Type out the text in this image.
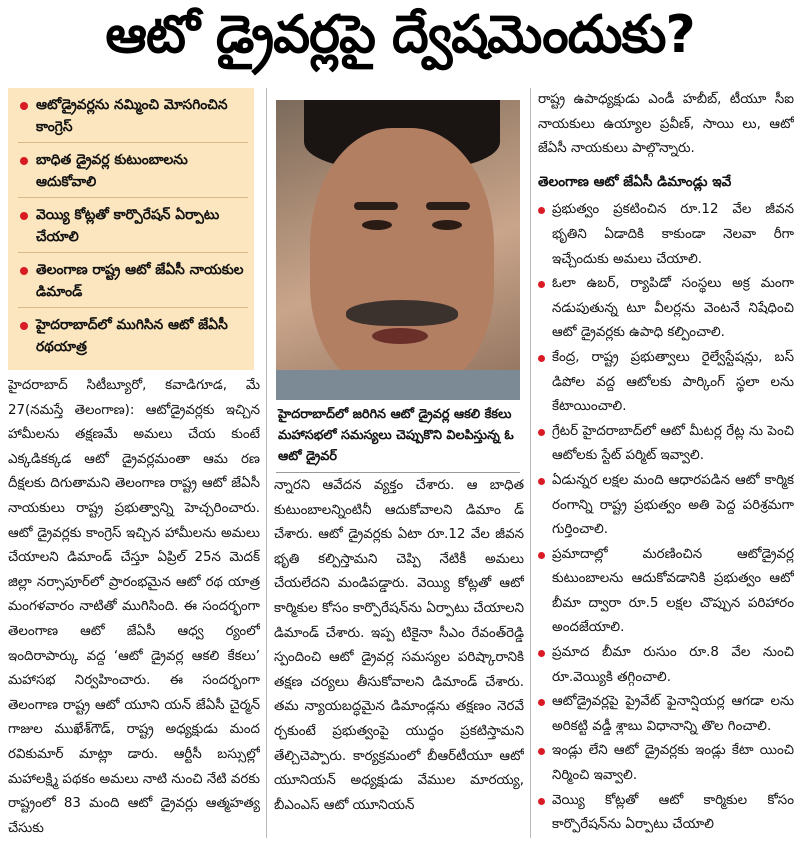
ఆటో డ్రైవర్లపై ద్వేషమెందుకు?
ఆటోడ్రైవర్లను నమ్మించి మోసగించిన కాంగ్రెస్
బాధిత డ్రైవర్ల కుటుంబాలను ఆదుకోవాలి
వెయ్యి కోట్లతో కార్పొరేషన్ ఏర్పాటు చేయాలి
తెలంగాణ రాష్ట్ర ఆటో జేఏసీ నాయకుల డిమాండ్
హైదరాబాద్‌లో ముగిసిన ఆటో జేఏసీ రథయాత్ర

హైదరాబాద్ సిటీబ్యూరో, కవాడిగూడ, మే 27(నమస్తే తెలంగాణ): ఆటోడ్రైవర్లకు ఇచ్చిన హామీలను తక్షణమే అమలు చేయ కుంటే ఎక్కడికక్కడ ఆటో డ్రైవర్లమంతా ఆమ రణ దీక్షలకు దిగుతామని తెలంగాణ రాష్ట్ర ఆటో జేఏసీ నాయకులు రాష్ట్ర ప్రభుత్వాన్ని హెచ్చరించారు. ఆటో డ్రైవర్లకు కాంగ్రెస్ ఇచ్చిన హామీలను అమలు చేయాలని డిమాండ్ చేస్తూ ఏప్రిల్ 25న మెదక్ జిల్లా నర్సాపూర్‌లో ప్రారంభమైన ఆటో రథ యాత్ర మంగళవారం నాటితో ముగిసింది. ఈ సందర్భంగా తెలంగాణ ఆటో జేఏసీ ఆధ్వ ర్యంలో ఇందిరాపార్కు వద్ద ‘ఆటో డ్రైవర్ల ఆకలి కేకలు’ మహాసభ నిర్వహించారు. ఈ సందర్భంగా తెలంగాణ రాష్ట్ర ఆటో యూని యన్ జేఏసీ చైర్మన్ గాజుల ముఖేశ్‌గౌడ్, రాష్ట్ర అధ్యక్షుడు మంద రవికుమార్ మాట్లా డారు. ఆర్టీసీ బస్సుల్లో మహాలక్ష్మి పథకం అమలు నాటి నుంచి నేటి వరకు రాష్ట్రంలో 83 మంది ఆటో డ్రైవర్లు ఆత్మహత్య చేసుకు

హైదరాబాద్‌లో జరిగిన ఆటో డ్రైవర్ల ఆకలి కేకలు మహాసభలో సమస్యలు చెప్పుకొని విలపిస్తున్న ఓ ఆటో డ్రైవర్

న్నారని ఆవేదన వ్యక్తం చేశారు. ఆ బాధిత కుటుంబాలన్నింటినీ ఆదుకోవాలని డిమాం డ్ చేశారు. ఆటో డ్రైవర్లకు ఏటా రూ.12 వేల జీవన భృతి కల్పిస్తామని చెప్పి నేటికీ అమలు చేయలేదని మండిపడ్డారు. వెయ్యి కోట్లతో ఆటో కార్మికుల కోసం కార్పొరేషన్‌ను ఏర్పాటు చేయాలని డిమాండ్ చేశారు. ఇప్ప టికైనా సీఎం రేవంత్‌రెడ్డి స్పందించి ఆటో డ్రైవర్ల సమస్యల పరిష్కారానికి తక్షణ చర్యలు తీసుకోవాలని డిమాండ్ చేశారు. తమ న్యాయబద్ధమైన డిమాండ్లను తక్షణం నెరవే ర్చకుంటే ప్రభుత్వంపై యుద్ధం ప్రకటిస్తామని తేల్చిచెప్పారు. కార్యక్రమంలో బీఆర్‌టీయూ ఆటో యూనియన్ అధ్యక్షుడు వేముల మారయ్య, బీఎంఎస్ ఆటో యూనియన్

రాష్ట్ర ఉపాధ్యక్షుడు ఎండీ హబీబ్, టీయూ సీఐ నాయకులు ఉయ్యాల ప్రవీణ్, సాయి లు, ఆటో జేఏసీ నాయకులు పాల్గొన్నారు.

తెలంగాణ ఆటో జేఏసీ డిమాండ్లు ఇవే
ప్రభుత్వం ప్రకటించిన రూ.12 వేల జీవన భృతిని ఏడాదికి కాకుండా నెలవా రీగా ఇచ్చేందుకు అమలు చేయాలి.
ఓలా ఉబర్, ర్యాపిడో సంస్థలు అక్ర మంగా నడుపుతున్న టూ వీలర్లను వెంటనే నిషేధించి ఆటో డ్రైవర్లకు ఉపాధి కల్పించాలి.
కేంద్ర, రాష్ట్ర ప్రభుత్వాలు రైల్వేస్టేషన్లు, బస్ డిపోల వద్ద ఆటోలకు పార్కింగ్ స్థలా లను కేటాయించాలి.
గ్రేటర్ హైదరాబాద్‌లో ఆటో మీటర్ల రేట్ల ను పెంచి ఆటోలకు స్టేట్ పర్మిట్ ఇవ్వాలి.
ఏడున్నర లక్షల మంది ఆధారపడిన ఆటో కార్మిక రంగాన్ని రాష్ట్ర ప్రభుత్వం అతి పెద్ద పరిశ్రమగా గుర్తించాలి.
ప్రమాదాల్లో మరణించిన ఆటోడ్రైవర్ల కుటుంబాలను ఆదుకోవడానికి ప్రభుత్వం ఆటో బీమా ద్వారా రూ.5 లక్షల చొప్పున పరిహారం అందజేయాలి.
ప్రమాద బీమా రుసుం రూ.8 వేల నుంచి రూ.వెయ్యికి తగ్గించాలి.
ఆటోడ్రైవర్లపై ప్రైవేట్ ఫైనాన్షియర్ల ఆగడా లను అరికట్టి వడ్డీ శ్లాబు విధానాన్ని తొల గించాలి.
ఇండ్లు లేని ఆటో డ్రైవర్లకు ఇండ్లు కేటా యించి నిర్మించి ఇవ్వాలి.
వెయ్యి కోట్లతో ఆటో కార్మికుల కోసం కార్పొరేషన్‌ను ఏర్పాటు చేయాలి
